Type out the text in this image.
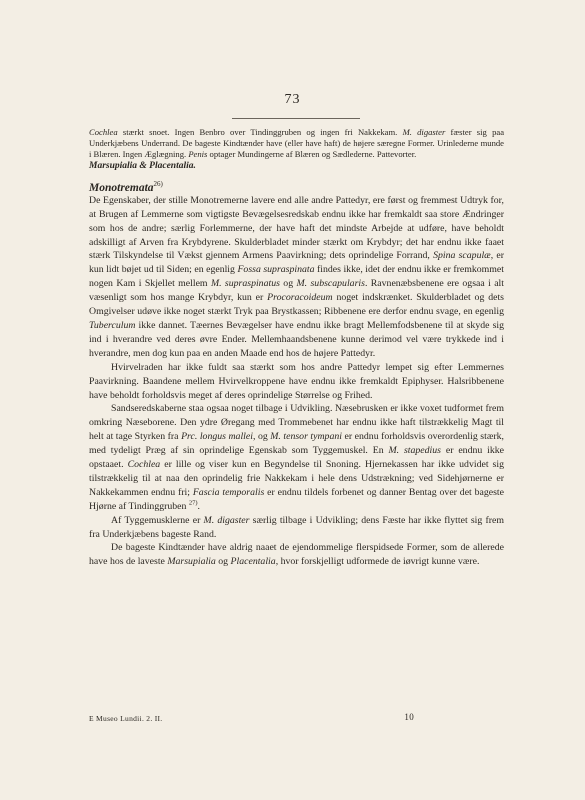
73

Cochlea stærkt snoet. Ingen Benbro over Tindinggruben og ingen fri Nakkekam. M. digaster fæster sig paa Underkjæbens Underrand. De bageste Kindtænder have (eller have haft) de højere særegne Former. Urinlederne munde i Blæren. Ingen Æglægning. Penis optager Mundingerne af Blæren og Sædlederne. Pattevorter.

Marsupialia & Placentalia.

Monotremata$^{26)}$

De Egenskaber, der stille Monotremerne lavere end alle andre Pattedyr, ere først og fremmest Udtryk for, at Brugen af Lemmerne som vigtigste Bevægelsesredskab endnu ikke har fremkaldt saa store Ændringer som hos de andre; særlig Forlemmerne, der have haft det mindste Arbejde at udføre, have beholdt adskilligt af Arven fra Krybdyrene. Skulderbladet minder stærkt om Krybdyr; det har endnu ikke faaet stærk Tilskyndelse til Vækst gjennem Armens Paavirkning; dets oprindelige Forrand, Spina scapulæ, er kun lidt bøjet ud til Siden; en egenlig Fossa supraspinata findes ikke, idet der endnu ikke er fremkommet nogen Kam i Skjellet mellem M. supraspinatus og M. subscapularis. Ravnenæbsbenene ere ogsaa i alt væsenligt som hos mange Krybdyr, kun er Procoracoideum noget indskrænket. Skulderbladet og dets Omgivelser udøve ikke noget stærkt Tryk paa Brystkassen; Ribbenene ere derfor endnu svage, en egenlig Tuberculum ikke dannet. Tæernes Bevægelser have endnu ikke bragt Mellemfodsbenene til at skyde sig ind i hverandre ved deres øvre Ender. Mellemhaandsbenene kunne derimod vel være trykkede ind i hverandre, men dog kun paa en anden Maade end hos de højere Pattedyr.

Hvirvelraden har ikke fuldt saa stærkt som hos andre Pattedyr lempet sig efter Lemmernes Paavirkning. Baandene mellem Hvirvelkroppene have endnu ikke fremkaldt Epiphyser. Halsribbenene have beholdt forholdsvis meget af deres oprindelige Størrelse og Frihed.

Sandseredskaberne staa ogsaa noget tilbage i Udvikling. Næsebrusken er ikke voxet tudformet frem omkring Næseborene. Den ydre Øregang med Trommebenet har endnu ikke haft tilstrækkelig Magt til helt at tage Styrken fra Prc. longus mallei, og M. tensor tympani er endnu forholdsvis overordenlig stærk, med tydeligt Præg af sin oprindelige Egenskab som Tyggemuskel. En M. stapedius er endnu ikke opstaaet. Cochlea er lille og viser kun en Begyndelse til Snoning. Hjernekassen har ikke udvidet sig tilstrækkelig til at naa den oprindelig frie Nakkekam i hele dens Udstrækning; ved Sidehjørnerne er Nakkekammen endnu fri; Fascia temporalis er endnu tildels forbenet og danner Bentag over det bageste Hjørne af Tindinggruben $^{27)}$.

Af Tyggemusklerne er M. digaster særlig tilbage i Udvikling; dens Fæste har ikke flyttet sig frem fra Underkjæbens bageste Rand.

De bageste Kindtænder have aldrig naaet de ejendommelige flerspidsede Former, som de allerede have hos de laveste Marsupialia og Placentalia, hvor forskjelligt udformede de iøvrigt kunne være.

E Museo Lundii. 2. II.	10
